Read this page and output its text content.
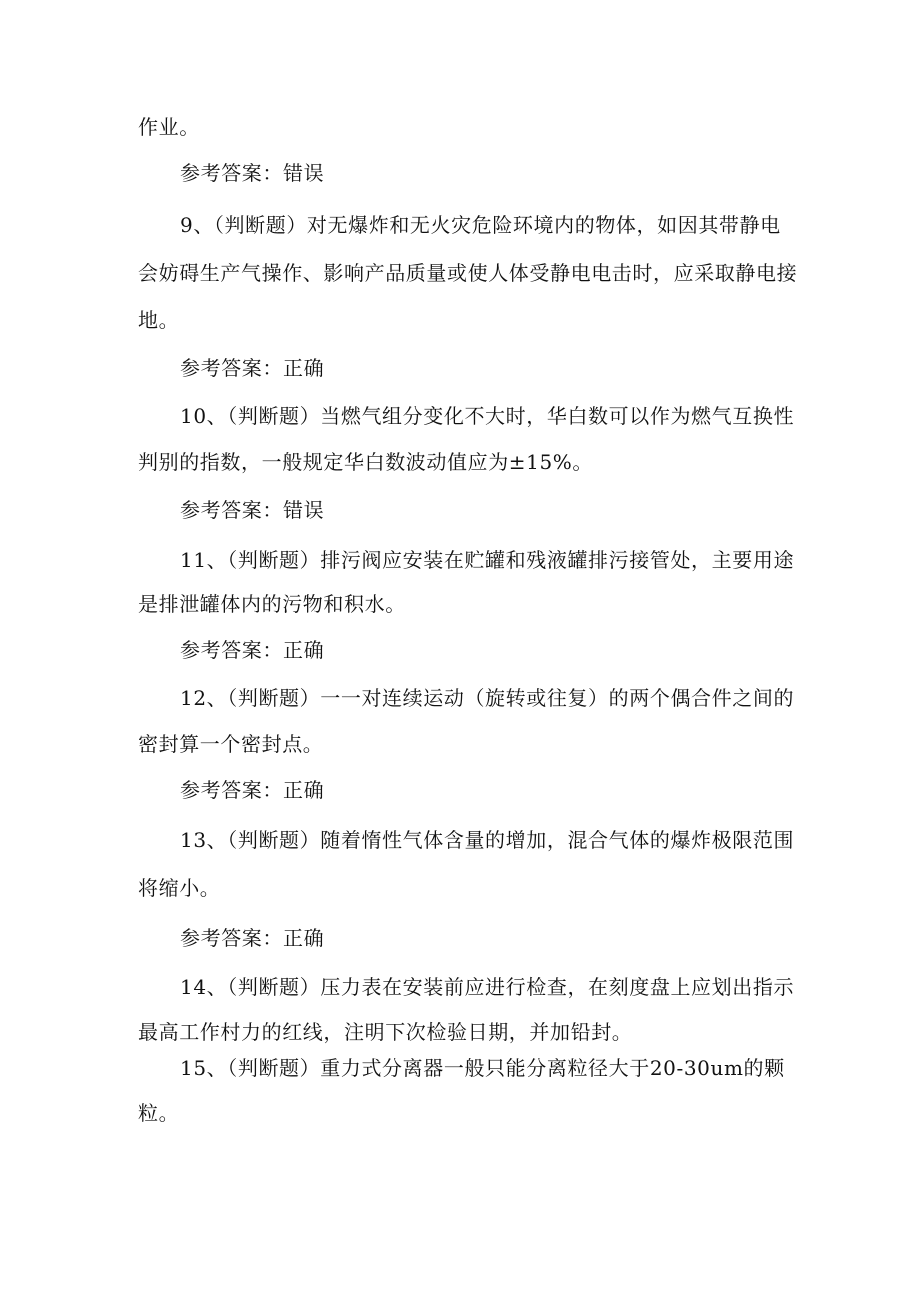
作业。
参考答案：错误
9、（判断题）对无爆炸和无火灾危险环境内的物体，如因其带静电
会妨碍生产气操作、影响产品质量或使人体受静电电击时，应采取静电接
地。
参考答案：正确
10、（判断题）当燃气组分变化不大时，华白数可以作为燃气互换性
判别的指数，一般规定华白数波动值应为±15%。
参考答案：错误
11、（判断题）排污阀应安装在贮罐和残液罐排污接管处，主要用途
是排泄罐体内的污物和积水。
参考答案：正确
12、（判断题）一一对连续运动（旋转或往复）的两个偶合件之间的
密封算一个密封点。
参考答案：正确
13、（判断题）随着惰性气体含量的增加，混合气体的爆炸极限范围
将缩小。
参考答案：正确
14、（判断题）压力表在安装前应进行检查，在刻度盘上应划出指示
最高工作村力的红线，注明下次检验日期，并加铅封。
15、（判断题）重力式分离器一般只能分离粒径大于20-30um的颗
粒。
